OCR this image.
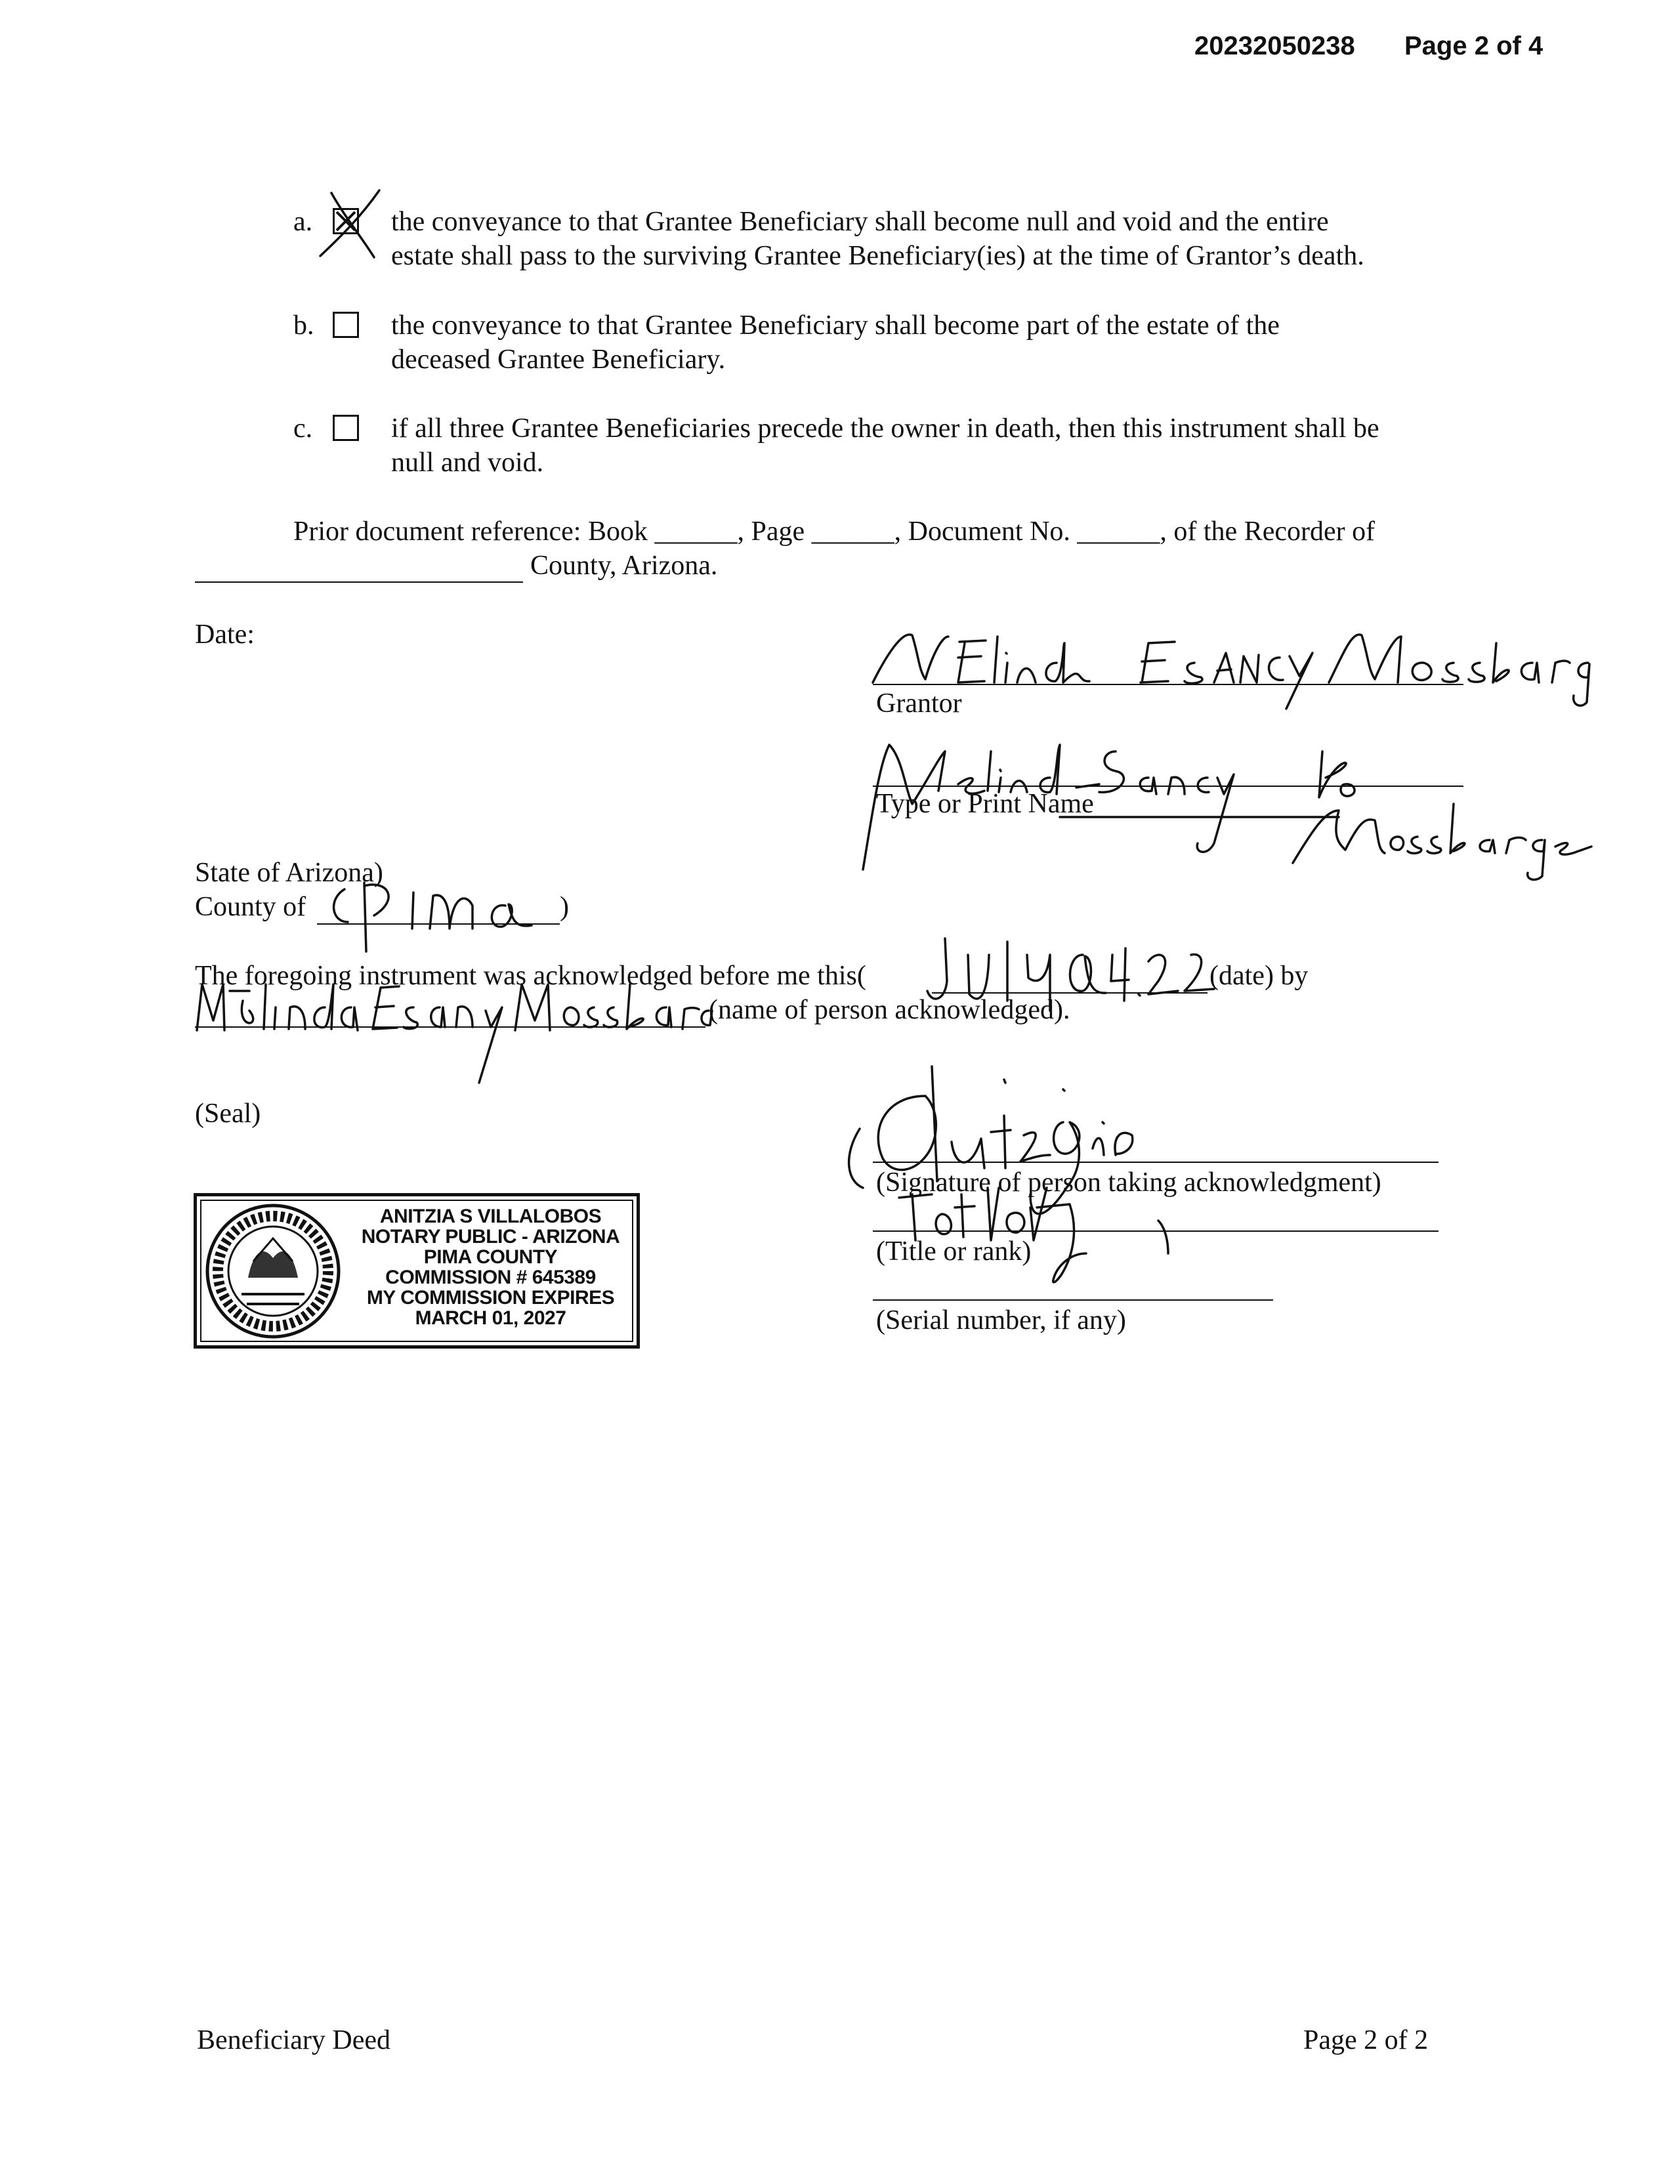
20232050238 Page 2 of 4
a.	the conveyance to that Grantee Beneficiary shall become null and void and the entire
estate shall pass to the surviving Grantee Beneficiary(ies) at the time of Grantor’s death.
b.	the conveyance to that Grantee Beneficiary shall become part of the estate of the
deceased Grantee Beneficiary.
c.	if all three Grantee Beneficiaries precede the owner in death, then this instrument shall be
null and void.
Prior document reference: Book ______, Page ______, Document No. ______, of the Recorder of
County, Arizona.
Date:
Grantor
Type or Print Name
State of Arizona)
County of	)
The foregoing instrument was acknowledged before me this(	(date) by
(name of person acknowledged).
(Seal)
ANITZIA S VILLALOBOS
NOTARY PUBLIC - ARIZONA
PIMA COUNTY
COMMISSION # 645389
MY COMMISSION EXPIRES
MARCH 01, 2027
(Signature of person taking acknowledgment)
(Title or rank)
(Serial number, if any)
Beneficiary Deed	Page 2 of 2
